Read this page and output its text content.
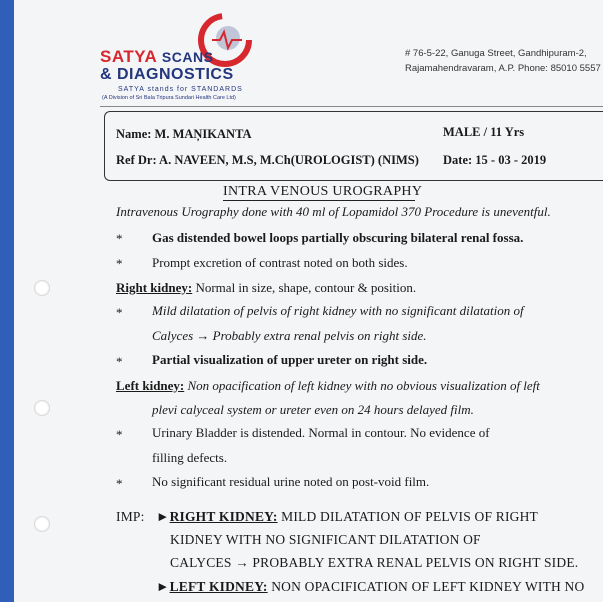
SATYA SCANS
& DIAGNOSTICS
SATYA stands for STANDARDS
(A Division of Sri Bala Tripura Sundari Health Care Ltd)
# 76-5-22, Ganuga Street, Gandhipuram-2,
Rajamahendravaram, A.P. Phone: 85010 5557
Name: M. MAŅIKANTA	MALE / 11 Yrs
Ref Dr: A. NAVEEN, M.S, M.Ch(UROLOGIST) (NIMS) Date: 15 - 03 - 2019
INTRA VENOUS UROGRAPHY
Intravenous Urography done with 40 ml of Lopamidol 370 Procedure is uneventful.
* Gas distended bowel loops partially obscuring bilateral renal fossa.
* Prompt excretion of contrast noted on both sides.
Right kidney: Normal in size, shape, contour & position.
* Mild dilatation of pelvis of right kidney with no significant dilatation of
Calyces → Probably extra renal pelvis on right side.
* Partial visualization of upper ureter on right side.
Left kidney: Non opacification of left kidney with no obvious visualization of left
plevi calyceal system or ureter even on 24 hours delayed film.
* Urinary Bladder is distended. Normal in contour. No evidence of
filling defects.
* No significant residual urine noted on post-void film.
IMP: ►RIGHT KIDNEY: MILD DILATATION OF PELVIS OF RIGHT
KIDNEY WITH NO SIGNIFICANT DILATATION OF
CALYCES → PROBABLY EXTRA RENAL PELVIS ON RIGHT SIDE.
►LEFT KIDNEY: NON OPACIFICATION OF LEFT KIDNEY WITH NO
